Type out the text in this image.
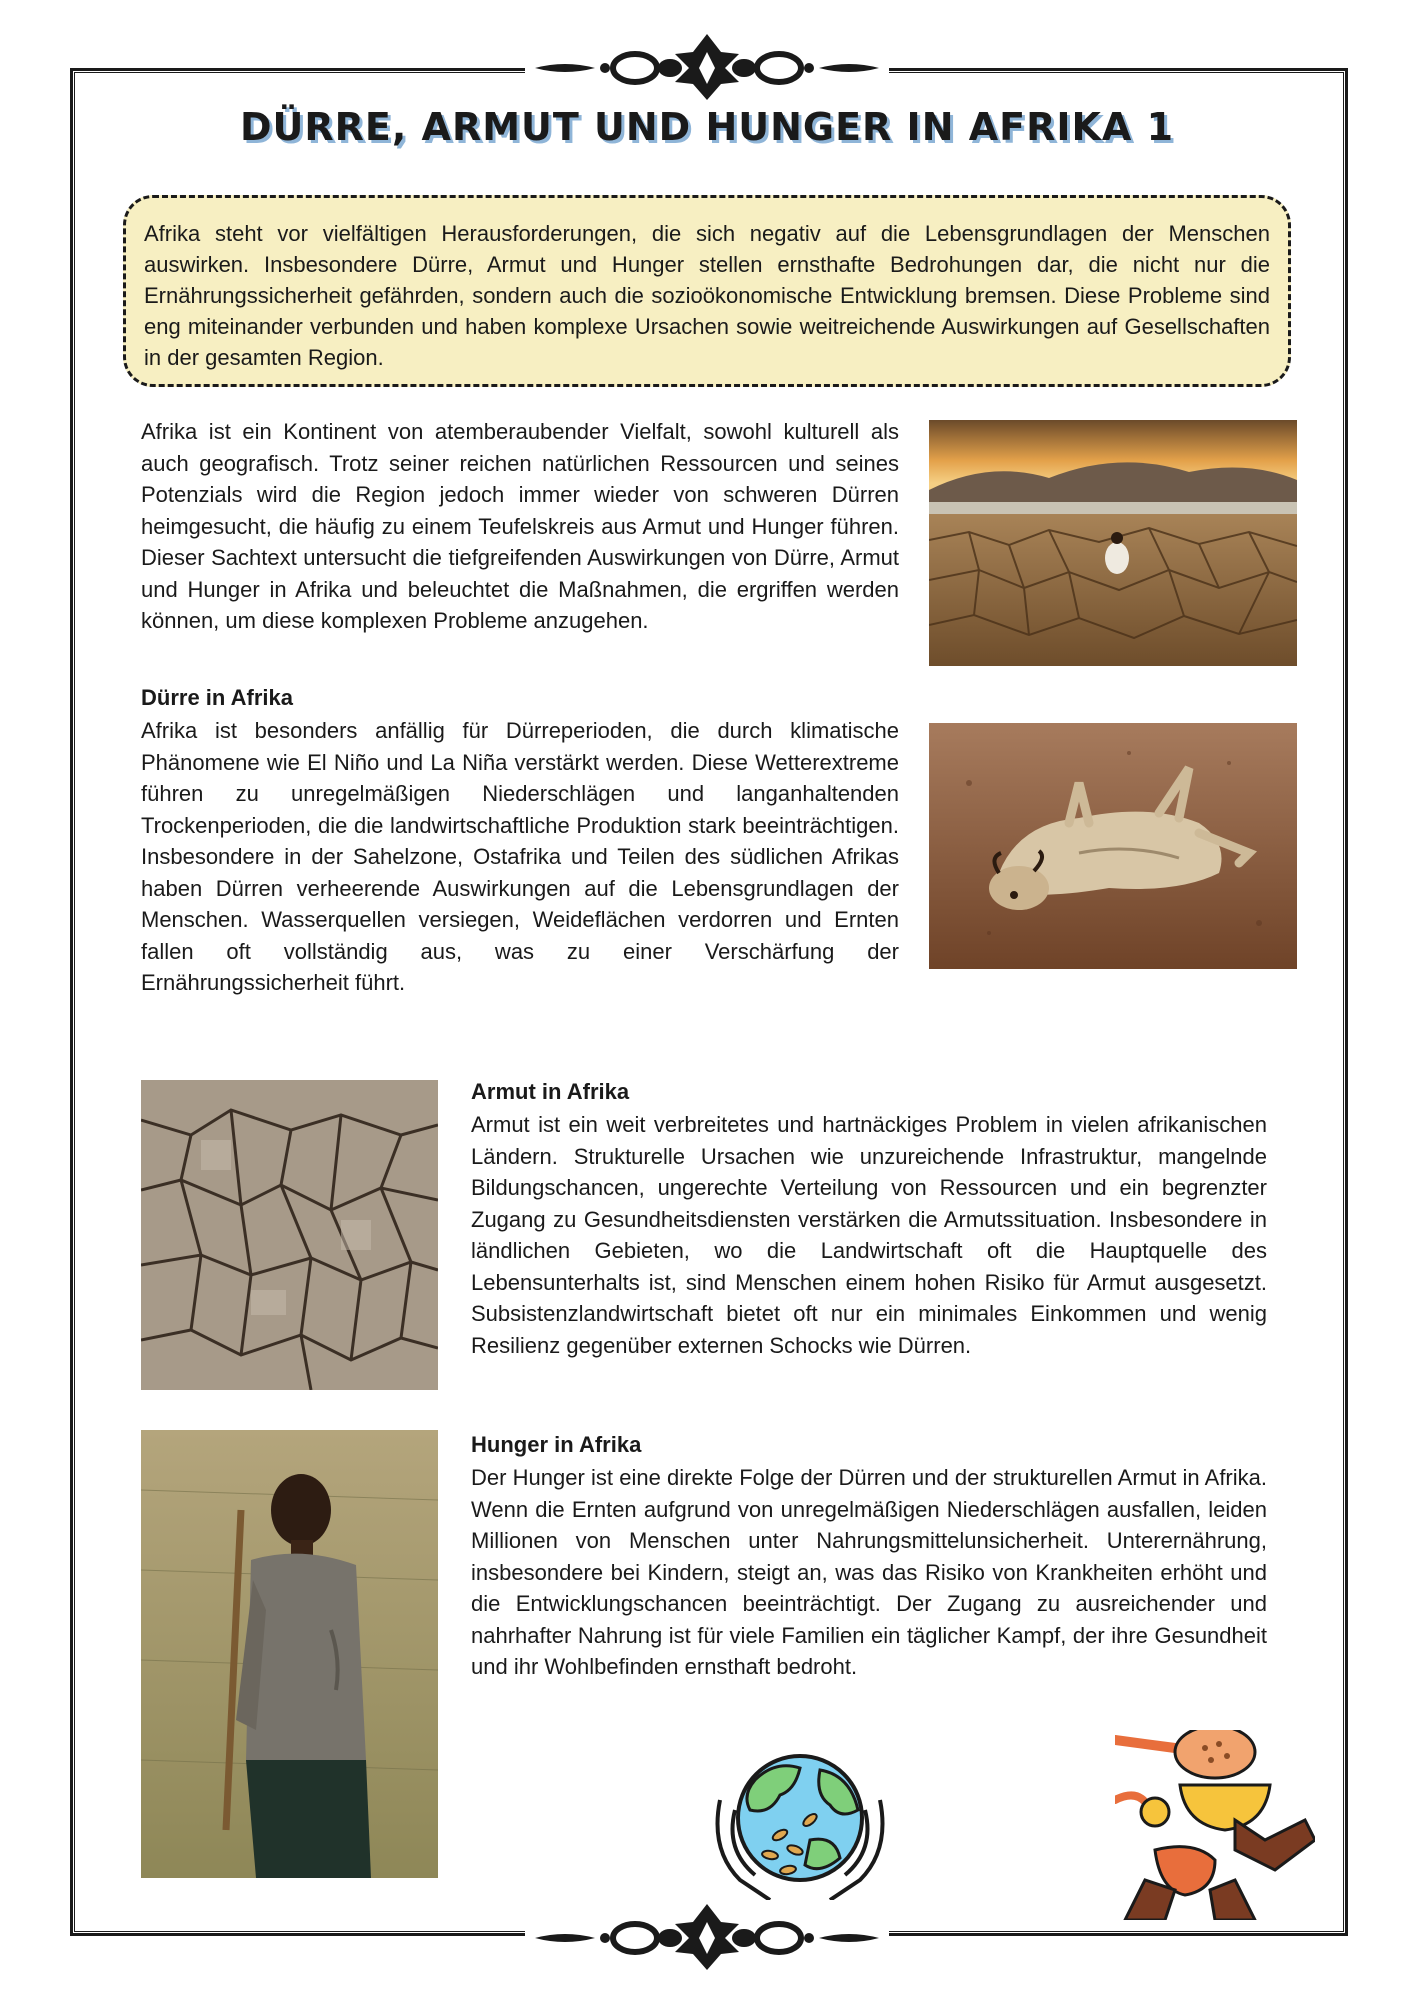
DÜRRE, ARMUT UND HUNGER IN AFRIKA 1

Afrika steht vor vielfältigen Herausforderungen, die sich negativ auf die Lebensgrundlagen der Menschen auswirken. Insbesondere Dürre, Armut und Hunger stellen ernsthafte Bedrohungen dar, die nicht nur die Ernährungssicherheit gefährden, sondern auch die sozioökonomische Entwicklung bremsen. Diese Probleme sind eng miteinander verbunden und haben komplexe Ursachen sowie weitreichende Auswirkungen auf Gesellschaften in der gesamten Region.

Afrika ist ein Kontinent von atemberaubender Vielfalt, sowohl kulturell als auch geografisch. Trotz seiner reichen natürlichen Ressourcen und seines Potenzials wird die Region jedoch immer wieder von schweren Dürren heimgesucht, die häufig zu einem Teufelskreis aus Armut und Hunger führen. Dieser Sachtext untersucht die tiefgreifenden Auswirkungen von Dürre, Armut und Hunger in Afrika und beleuchtet die Maßnahmen, die ergriffen werden können, um diese komplexen Probleme anzugehen.

Dürre in Afrika

Afrika ist besonders anfällig für Dürreperioden, die durch klimatische Phänomene wie El Niño und La Niña verstärkt werden. Diese Wetterextreme führen zu unregelmäßigen Niederschlägen und langanhaltenden Trockenperioden, die die landwirtschaftliche Produktion stark beeinträchtigen. Insbesondere in der Sahelzone, Ostafrika und Teilen des südlichen Afrikas haben Dürren verheerende Auswirkungen auf die Lebensgrundlagen der Menschen. Wasserquellen versiegen, Weideflächen verdorren und Ernten fallen oft vollständig aus, was zu einer Verschärfung der Ernährungssicherheit führt.

Armut in Afrika

Armut ist ein weit verbreitetes und hartnäckiges Problem in vielen afrikanischen Ländern. Strukturelle Ursachen wie unzureichende Infrastruktur, mangelnde Bildungschancen, ungerechte Verteilung von Ressourcen und ein begrenzter Zugang zu Gesundheitsdiensten verstärken die Armutssituation. Insbesondere in ländlichen Gebieten, wo die Landwirtschaft oft die Hauptquelle des Lebensunterhalts ist, sind Menschen einem hohen Risiko für Armut ausgesetzt. Subsistenzlandwirtschaft bietet oft nur ein minimales Einkommen und wenig Resilienz gegenüber externen Schocks wie Dürren.

Hunger in Afrika

Der Hunger ist eine direkte Folge der Dürren und der strukturellen Armut in Afrika. Wenn die Ernten aufgrund von unregelmäßigen Niederschlägen ausfallen, leiden Millionen von Menschen unter Nahrungsmittelunsicherheit. Unterernährung, insbesondere bei Kindern, steigt an, was das Risiko von Krankheiten erhöht und die Entwicklungschancen beeinträchtigt. Der Zugang zu ausreichender und nahrhafter Nahrung ist für viele Familien ein täglicher Kampf, der ihre Gesundheit und ihr Wohlbefinden ernsthaft bedroht.
